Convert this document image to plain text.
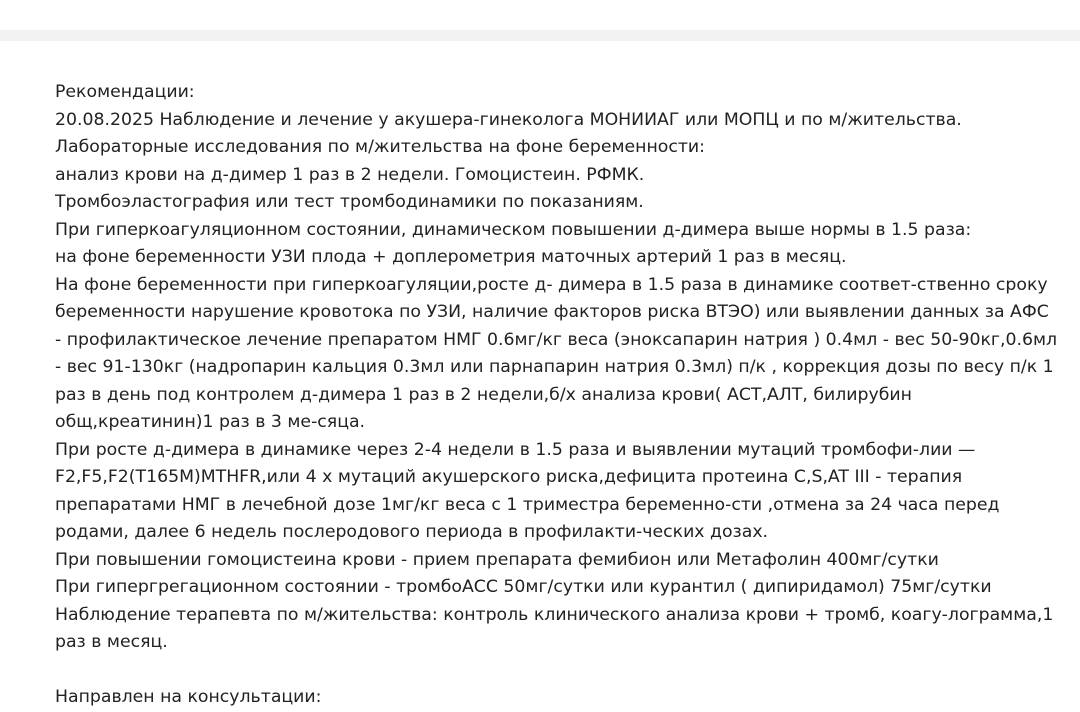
Рекомендации:
20.08.2025 Наблюдение и лечение у акушера-гинеколога МОНИИАГ или МОПЦ и по м/жительства.
Лабораторные исследования по м/жительства на фоне беременности:
анализ крови на д-димер 1 раз в 2 недели. Гомоцистеин. РФМК.
Тромбоэластография или тест тромбодинамики по показаниям.
При гиперкоагуляционном состоянии, динамическом повышении д-димера выше нормы в 1.5 раза:
на фоне беременности УЗИ плода + доплерометрия маточных артерий 1 раз в месяц.
На фоне беременности при гиперкоагуляции,росте д- димера в 1.5 раза в динамике соответ-ственно сроку
беременности нарушение кровотока по УЗИ, наличие факторов риска ВТЭО) или выявлении данных за АФС
- профилактическое лечение препаратом НМГ 0.6мг/кг веса (эноксапарин натрия ) 0.4мл - вес 50-90кг,0.6мл
- вес 91-130кг (надропарин кальция 0.3мл или парнапарин натрия 0.3мл) п/к , коррекция дозы по весу п/к 1
раз в день под контролем д-димера 1 раз в 2 недели,б/х анализа крови( АСТ,АЛТ, билирубин
общ,креатинин)1 раз в 3 ме-сяца.
При росте д-димера в динамике через 2-4 недели в 1.5 раза и выявлении мутаций тромбофи-лии —
F2,F5,F2(T165M)MTHFR,или 4 х мутаций акушерского риска,дефицита протеина C,S,AT III - терапия
препаратами НМГ в лечебной дозе 1мг/кг веса с 1 триместра беременно-сти ,отмена за 24 часа перед
родами, далее 6 недель послеродового периода в профилакти-ческих дозах.
При повышении гомоцистеина крови - прием препарата фемибион или Метафолин 400мг/сутки
При гипергрегационном состоянии - тромбоАСС 50мг/сутки или курантил ( дипиридамол) 75мг/сутки
Наблюдение терапевта по м/жительства: контроль клинического анализа крови + тромб, коагу-лограмма,1
раз в месяц.
Направлен на консультации:
